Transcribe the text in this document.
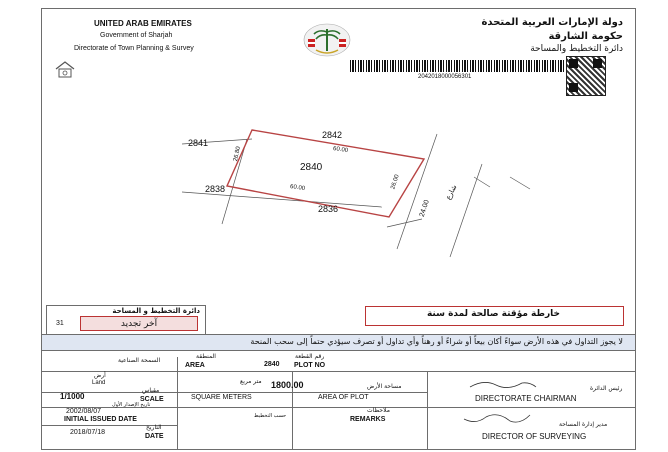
UNITED ARAB EMIRATES
Government of Sharjah
Directorate of Town Planning & Survey
دولة الإمارات العربية المتحدة
حكومة الشارقة
دائرة التخطيط والمساحة
2042018000056301
2842
2841
2838
2836
2840
60.00
60.00
26.80
26.00
24.00
شارع
خارطة مؤقتة صالحة لمدة سنة
دائرة التخطيط و المساحة
31	آخر تجديد
لا يجوز التداول في هذه الأرض سواءً أكان بيعاً أو شراءً أو رهناً وأي تداول أو تصرف سيؤدي حتماً إلى سحب المنحة
السمحة الصناعية
المنطقة
AREA	2840
رقم القطعة
PLOT NO
أرض
Land
1/1000
مقياس
SCALE
1800.00
متر مربع
SQUARE METERS
مساحة الأرض
AREA OF PLOT
2002/08/07
تاريخ الإصدار الأول
INITIAL ISSUED DATE
2018/07/18
التاريخ
DATE
حسب التخطيط
ملاحظات
REMARKS
رئيس الدائرة
DIRECTORATE CHAIRMAN
مدير إدارة المساحة
DIRECTOR OF SURVEYING
